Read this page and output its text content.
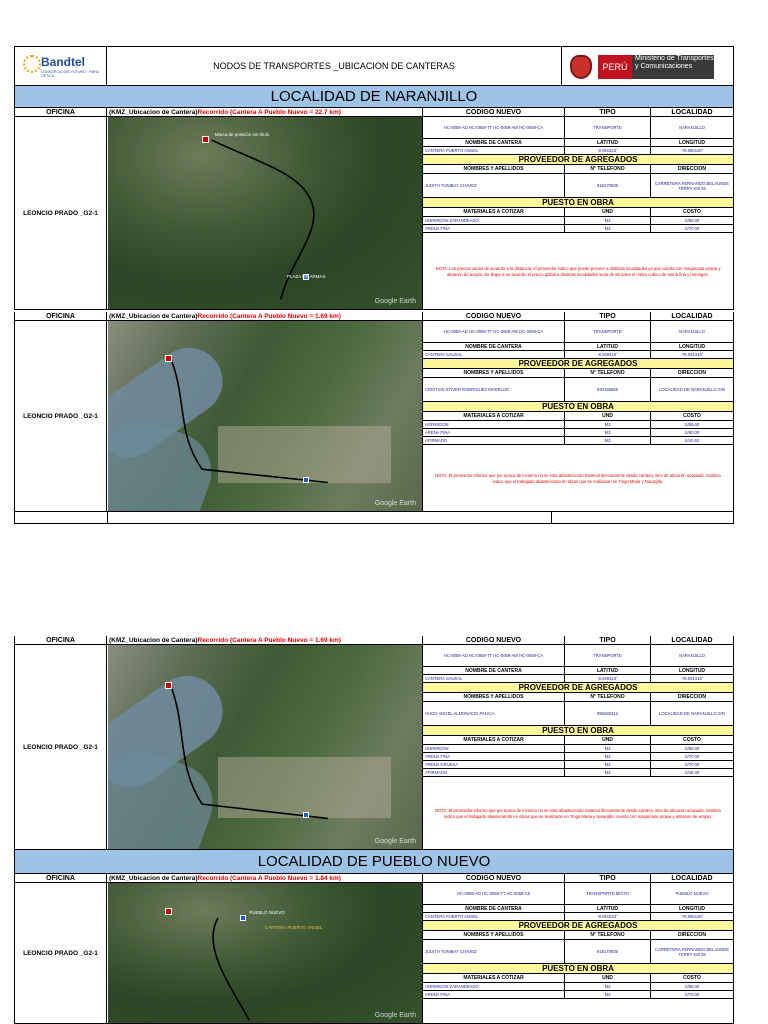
Bandtel
CONSORCIO DEL FUTURO · FIBRA OPTICA
NODOS DE TRANSPORTES _UBICACION DE CANTERAS	PERÚ
Ministerio de Transportes y Comunicaciones
LOCALIDAD DE NARANJILLO
OFICINA	(KMZ_Ubicacion de Cantera) Recorrido (Cantera A Pueblo Nuevo = 22.7 km)	CODIGO NUEVO	TIPO	LOCALIDAD
LEONCIO PRADO _G2-1
Marca de posición sin título
PLAZA DE ARMAS
Google Earth
HC-0059-AD HC-0059-TT HC-0059-AW HC-0059-CA	TRANSPORTE	NARANJILLO
NOMBRE DE CANTERA	LATITUD	LONGITUD
CANTERA PUERTO ANGEL	-9.091623°	-76.060130°
PROVEEDOR DE AGREGADOS
NOMBRES Y APELLIDOS	N° TELEFONO	DIRECCION
JUDITH TUNIBAY CHAVEZ	918170935	CARRETERA FERNANDO BELAUNDE TERRY KM 28
PUESTO EN OBRA
MATERIALES A COTIZAR	UND	COSTO
HORMIGON ZARANDEADO	M3	S/55.00
ARENA FINA	M3	S/70.00
NOTA: Los precios varian de acuerdo a la distancia, el proveedor indico que puede proveer a distintas localidades ya que cuenta con maquinaria propia y almacen de acopio. Se llegar a un acuerdo el precio global a distintas localidades seria de 80 soles el metro cubico de arena fina y hormigon.
OFICINA	(KMZ_Ubicacion de Cantera) Recorrido (Cantera A Pueblo Nuevo = 1.69 km)	CODIGO NUEVO	TIPO	LOCALIDAD
LEONCIO PRADO _G2-1
Google Earth
HC-0059-AD HC-0059-TT HC-0059-AW HC-0059-CA	TRANSPORTE	NARANJILLO
NOMBRE DE CANTERA	LATITUD	LONGITUD
CANTERA SAUSAL	-9.249423°	-76.001315°
PROVEEDOR DE AGREGADOS
NOMBRES Y APELLIDOS	N° TELEFONO	DIRECCION
CRISTIAN STIVEN RODRIGUEZ MARRUJO	930155669	LOCALIDAD DE NARANJILLO S/N
PUESTO EN OBRA
MATERIALES A COTIZAR	UND	COSTO
HORMIGON	M3	S/55.00
ARENA FINA	M3	S/60.00
AFIRMADO	M3	S/40.50
NOTA: El proveedor informo que por epoca de invierno no se esta abasteciendo material directamente desde cantera, sino de almacén acopiado, tambien indico que el trabajado abasteciendo en obras que se realizaran en Tingo Maria y Naranjillo.
OFICINA	(KMZ_Ubicacion de Cantera) Recorrido (Cantera A Pueblo Nuevo = 1.69 km)	CODIGO NUEVO	TIPO	LOCALIDAD
LEONCIO PRADO _G2-1
Google Earth
HC-0059-AD HC-0059-TT HC-0059-AW HC-0059-CA	TRANSPORTE	NARANJILLO
NOMBRE DE CANTERA	LATITUD	LONGITUD
CANTERA SAUSAL	-9.249423°	-76.001315°
PROVEEDOR DE AGREGADOS
NOMBRES Y APELLIDOS	N° TELEFONO	DIRECCION
HUGO ANGEL ALMONACID PALICA	996265312	LOCALIDAD DE NARANJILLO S/N
PUESTO EN OBRA
MATERIALES A COTIZAR	UND	COSTO
HORMIGON	M3	S/55.00
ARENA FINA	M3	S/70.00
ARENA GRUESA	M3	S/70.00
AFIRMADO	M3	S/48.00
NOTA: El proveedor informo que por epoca de invierno no se esta abasteciendo material directamente desde cantera, sino de almacén acopiado, tambien indico que el trabajado abasteciendo en obras que se realizaran en Tingo Maria y Naranjillo, cuenta con maquinaria propia y almacen de acopio.
LOCALIDAD DE PUEBLO NUEVO
OFICINA	(KMZ_Ubicacion de Cantera) Recorrido (Cantera A Pueblo Nuevo = 1.84 km)	CODIGO NUEVO	TIPO	LOCALIDAD
LEONCIO PRADO _G2-1
PUEBLO NUEVO
CANTERA PUERTO ANGEL
Google Earth
HC-0059-AD HC-0059-TT HC-0059-C8	TRANSPORTE MIXTO	PUEBLO NUEVO
NOMBRE DE CANTERA	LATITUD	LONGITUD
CANTERA PUERTO ANGEL	-9.091623°	-76.060130°
PROVEEDOR DE AGREGADOS
NOMBRES Y APELLIDOS	N° TELEFONO	DIRECCION
JUDITH TUNIBAY CHAVEZ	918170935	CARRETERA FERNANDO BELAUNDE TERRY KM 28
PUESTO EN OBRA
MATERIALES A COTIZAR	UND	COSTO
HORMIGON ZARANDEADO	M3	S/55.00
ARENA FINA	M3	S/70.00
